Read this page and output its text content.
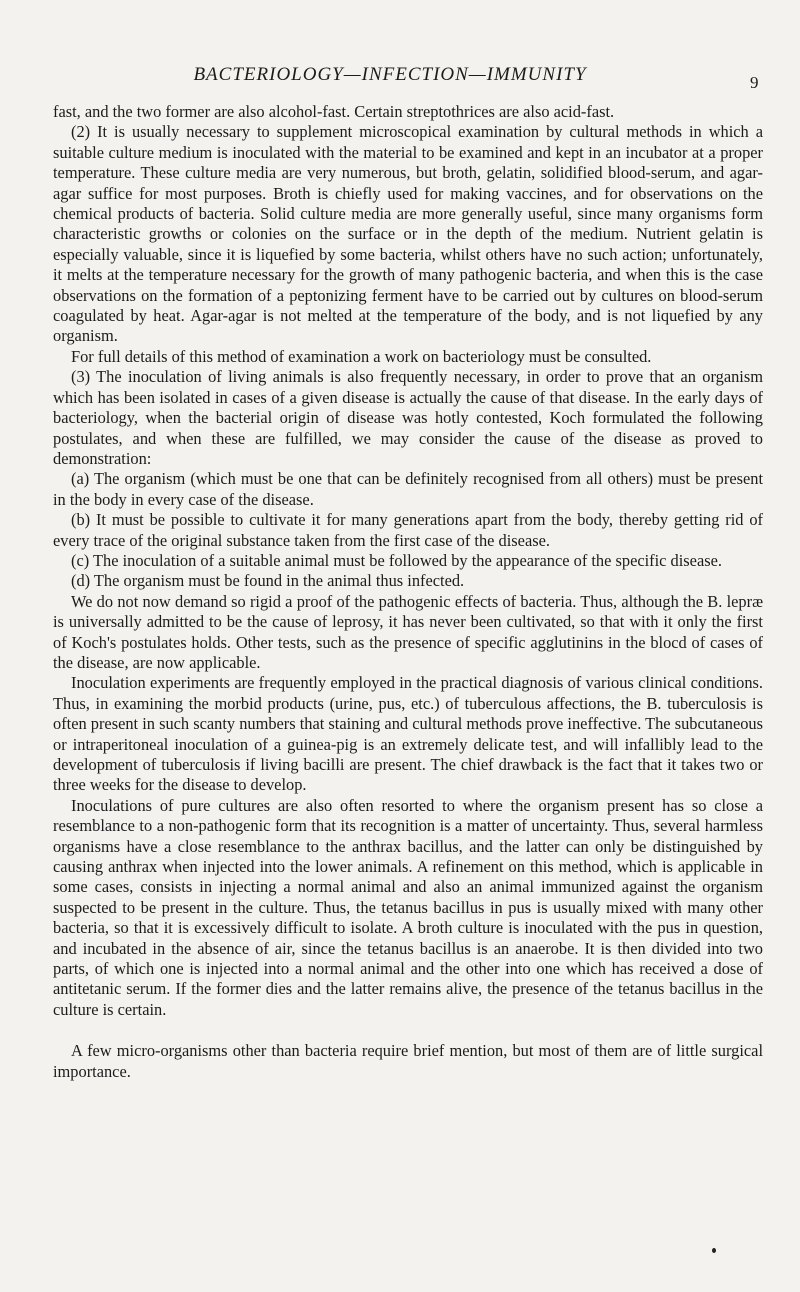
BACTERIOLOGY—INFECTION—IMMUNITY	9

fast, and the two former are also alcohol-fast. Certain streptothrices are also acid-fast.

(2) It is usually necessary to supplement microscopical examination by cultural methods in which a suitable culture medium is inoculated with the material to be examined and kept in an incubator at a proper temperature. These culture media are very numerous, but broth, gelatin, solidified blood-serum, and agar-agar suffice for most purposes. Broth is chiefly used for making vaccines, and for observations on the chemical products of bacteria. Solid culture media are more generally useful, since many organisms form characteristic growths or colonies on the surface or in the depth of the medium. Nutrient gelatin is especially valuable, since it is liquefied by some bacteria, whilst others have no such action; unfortunately, it melts at the temperature necessary for the growth of many pathogenic bacteria, and when this is the case observations on the formation of a peptonizing ferment have to be carried out by cultures on blood-serum coagulated by heat. Agar-agar is not melted at the temperature of the body, and is not liquefied by any organism.

For full details of this method of examination a work on bacteriology must be consulted.

(3) The inoculation of living animals is also frequently necessary, in order to prove that an organism which has been isolated in cases of a given disease is actually the cause of that disease. In the early days of bacteriology, when the bacterial origin of disease was hotly contested, Koch formulated the following postulates, and when these are fulfilled, we may consider the cause of the disease as proved to demonstration:

(a) The organism (which must be one that can be definitely recognised from all others) must be present in the body in every case of the disease.

(b) It must be possible to cultivate it for many generations apart from the body, thereby getting rid of every trace of the original substance taken from the first case of the disease.

(c) The inoculation of a suitable animal must be followed by the appearance of the specific disease.

(d) The organism must be found in the animal thus infected.

We do not now demand so rigid a proof of the pathogenic effects of bacteria. Thus, although the B. lepræ is universally admitted to be the cause of leprosy, it has never been cultivated, so that with it only the first of Koch's postulates holds. Other tests, such as the presence of specific agglutinins in the blocd of cases of the disease, are now applicable.

Inoculation experiments are frequently employed in the practical diagnosis of various clinical conditions. Thus, in examining the morbid products (urine, pus, etc.) of tuberculous affections, the B. tuberculosis is often present in such scanty numbers that staining and cultural methods prove ineffective. The subcutaneous or intraperitoneal inoculation of a guinea-pig is an extremely delicate test, and will infallibly lead to the development of tuberculosis if living bacilli are present. The chief drawback is the fact that it takes two or three weeks for the disease to develop.

Inoculations of pure cultures are also often resorted to where the organism present has so close a resemblance to a non-pathogenic form that its recognition is a matter of uncertainty. Thus, several harmless organisms have a close resemblance to the anthrax bacillus, and the latter can only be distinguished by causing anthrax when injected into the lower animals. A refinement on this method, which is applicable in some cases, consists in injecting a normal animal and also an animal immunized against the organism suspected to be present in the culture. Thus, the tetanus bacillus in pus is usually mixed with many other bacteria, so that it is excessively difficult to isolate. A broth culture is inoculated with the pus in question, and incubated in the absence of air, since the tetanus bacillus is an anaerobe. It is then divided into two parts, of which one is injected into a normal animal and the other into one which has received a dose of antitetanic serum. If the former dies and the latter remains alive, the presence of the tetanus bacillus in the culture is certain.

A few micro-organisms other than bacteria require brief mention, but most of them are of little surgical importance.
